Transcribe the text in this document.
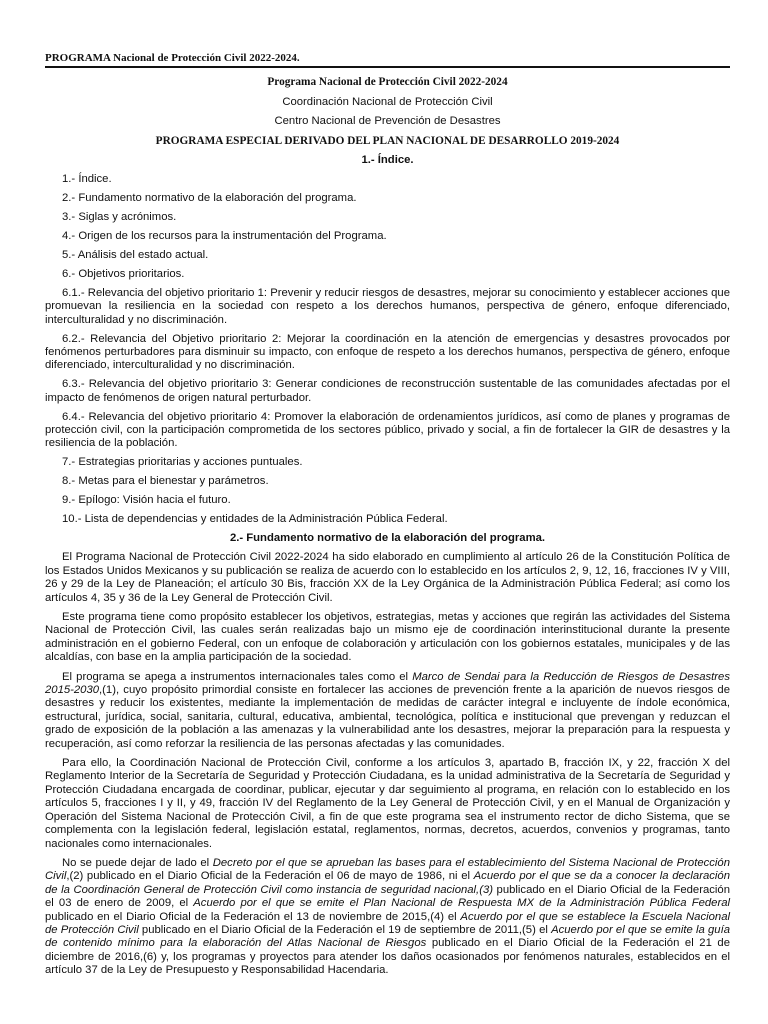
PROGRAMA Nacional de Protección Civil 2022-2024.
Programa Nacional de Protección Civil 2022-2024
Coordinación Nacional de Protección Civil
Centro Nacional de Prevención de Desastres
PROGRAMA ESPECIAL DERIVADO DEL PLAN NACIONAL DE DESARROLLO 2019-2024
1.- Índice.
1.- Índice.
2.- Fundamento normativo de la elaboración del programa.
3.- Siglas y acrónimos.
4.- Origen de los recursos para la instrumentación del Programa.
5.- Análisis del estado actual.
6.- Objetivos prioritarios.
6.1.- Relevancia del objetivo prioritario 1: Prevenir y reducir riesgos de desastres, mejorar su conocimiento y establecer acciones que promuevan la resiliencia en la sociedad con respeto a los derechos humanos, perspectiva de género, enfoque diferenciado, interculturalidad y no discriminación.
6.2.- Relevancia del Objetivo prioritario 2: Mejorar la coordinación en la atención de emergencias y desastres provocados por fenómenos perturbadores para disminuir su impacto, con enfoque de respeto a los derechos humanos, perspectiva de género, enfoque diferenciado, interculturalidad y no discriminación.
6.3.- Relevancia del objetivo prioritario 3: Generar condiciones de reconstrucción sustentable de las comunidades afectadas por el impacto de fenómenos de origen natural perturbador.
6.4.- Relevancia del objetivo prioritario 4: Promover la elaboración de ordenamientos jurídicos, así como de planes y programas de protección civil, con la participación comprometida de los sectores público, privado y social, a fin de fortalecer la GIR de desastres y la resiliencia de la población.
7.- Estrategias prioritarias y acciones puntuales.
8.- Metas para el bienestar y parámetros.
9.- Epílogo: Visión hacia el futuro.
10.- Lista de dependencias y entidades de la Administración Pública Federal.
2.- Fundamento normativo de la elaboración del programa.

El Programa Nacional de Protección Civil 2022-2024 ha sido elaborado en cumplimiento al artículo 26 de la Constitución Política de los Estados Unidos Mexicanos y su publicación se realiza de acuerdo con lo establecido en los artículos 2, 9, 12, 16, fracciones IV y VIII, 26 y 29 de la Ley de Planeación; el artículo 30 Bis, fracción XX de la Ley Orgánica de la Administración Pública Federal; así como los artículos 4, 35 y 36 de la Ley General de Protección Civil.

Este programa tiene como propósito establecer los objetivos, estrategias, metas y acciones que regirán las actividades del Sistema Nacional de Protección Civil, las cuales serán realizadas bajo un mismo eje de coordinación interinstitucional durante la presente administración en el gobierno Federal, con un enfoque de colaboración y articulación con los gobiernos estatales, municipales y de las alcaldías, con base en la amplia participación de la sociedad.

El programa se apega a instrumentos internacionales tales como el Marco de Sendai para la Reducción de Riesgos de Desastres 2015-2030,(1), cuyo propósito primordial consiste en fortalecer las acciones de prevención frente a la aparición de nuevos riesgos de desastres y reducir los existentes, mediante la implementación de medidas de carácter integral e incluyente de índole económica, estructural, jurídica, social, sanitaria, cultural, educativa, ambiental, tecnológica, política e institucional que prevengan y reduzcan el grado de exposición de la población a las amenazas y la vulnerabilidad ante los desastres, mejorar la preparación para la respuesta y recuperación, así como reforzar la resiliencia de las personas afectadas y las comunidades.

Para ello, la Coordinación Nacional de Protección Civil, conforme a los artículos 3, apartado B, fracción IX, y 22, fracción X del Reglamento Interior de la Secretaría de Seguridad y Protección Ciudadana, es la unidad administrativa de la Secretaría de Seguridad y Protección Ciudadana encargada de coordinar, publicar, ejecutar y dar seguimiento al programa, en relación con lo establecido en los artículos 5, fracciones I y II, y 49, fracción IV del Reglamento de la Ley General de Protección Civil, y en el Manual de Organización y Operación del Sistema Nacional de Protección Civil, a fin de que este programa sea el instrumento rector de dicho Sistema, que se complementa con la legislación federal, legislación estatal, reglamentos, normas, decretos, acuerdos, convenios y programas, tanto nacionales como internacionales.

No se puede dejar de lado el Decreto por el que se aprueban las bases para el establecimiento del Sistema Nacional de Protección Civil,(2) publicado en el Diario Oficial de la Federación el 06 de mayo de 1986, ni el Acuerdo por el que se da a conocer la declaración de la Coordinación General de Protección Civil como instancia de seguridad nacional,(3) publicado en el Diario Oficial de la Federación el 03 de enero de 2009, el Acuerdo por el que se emite el Plan Nacional de Respuesta MX de la Administración Pública Federal publicado en el Diario Oficial de la Federación el 13 de noviembre de 2015,(4) el Acuerdo por el que se establece la Escuela Nacional de Protección Civil publicado en el Diario Oficial de la Federación el 19 de septiembre de 2011,(5) el Acuerdo por el que se emite la guía de contenido mínimo para la elaboración del Atlas Nacional de Riesgos publicado en el Diario Oficial de la Federación el 21 de diciembre de 2016,(6) y, los programas y proyectos para atender los daños ocasionados por fenómenos naturales, establecidos en el artículo 37 de la Ley de Presupuesto y Responsabilidad Hacendaria.
